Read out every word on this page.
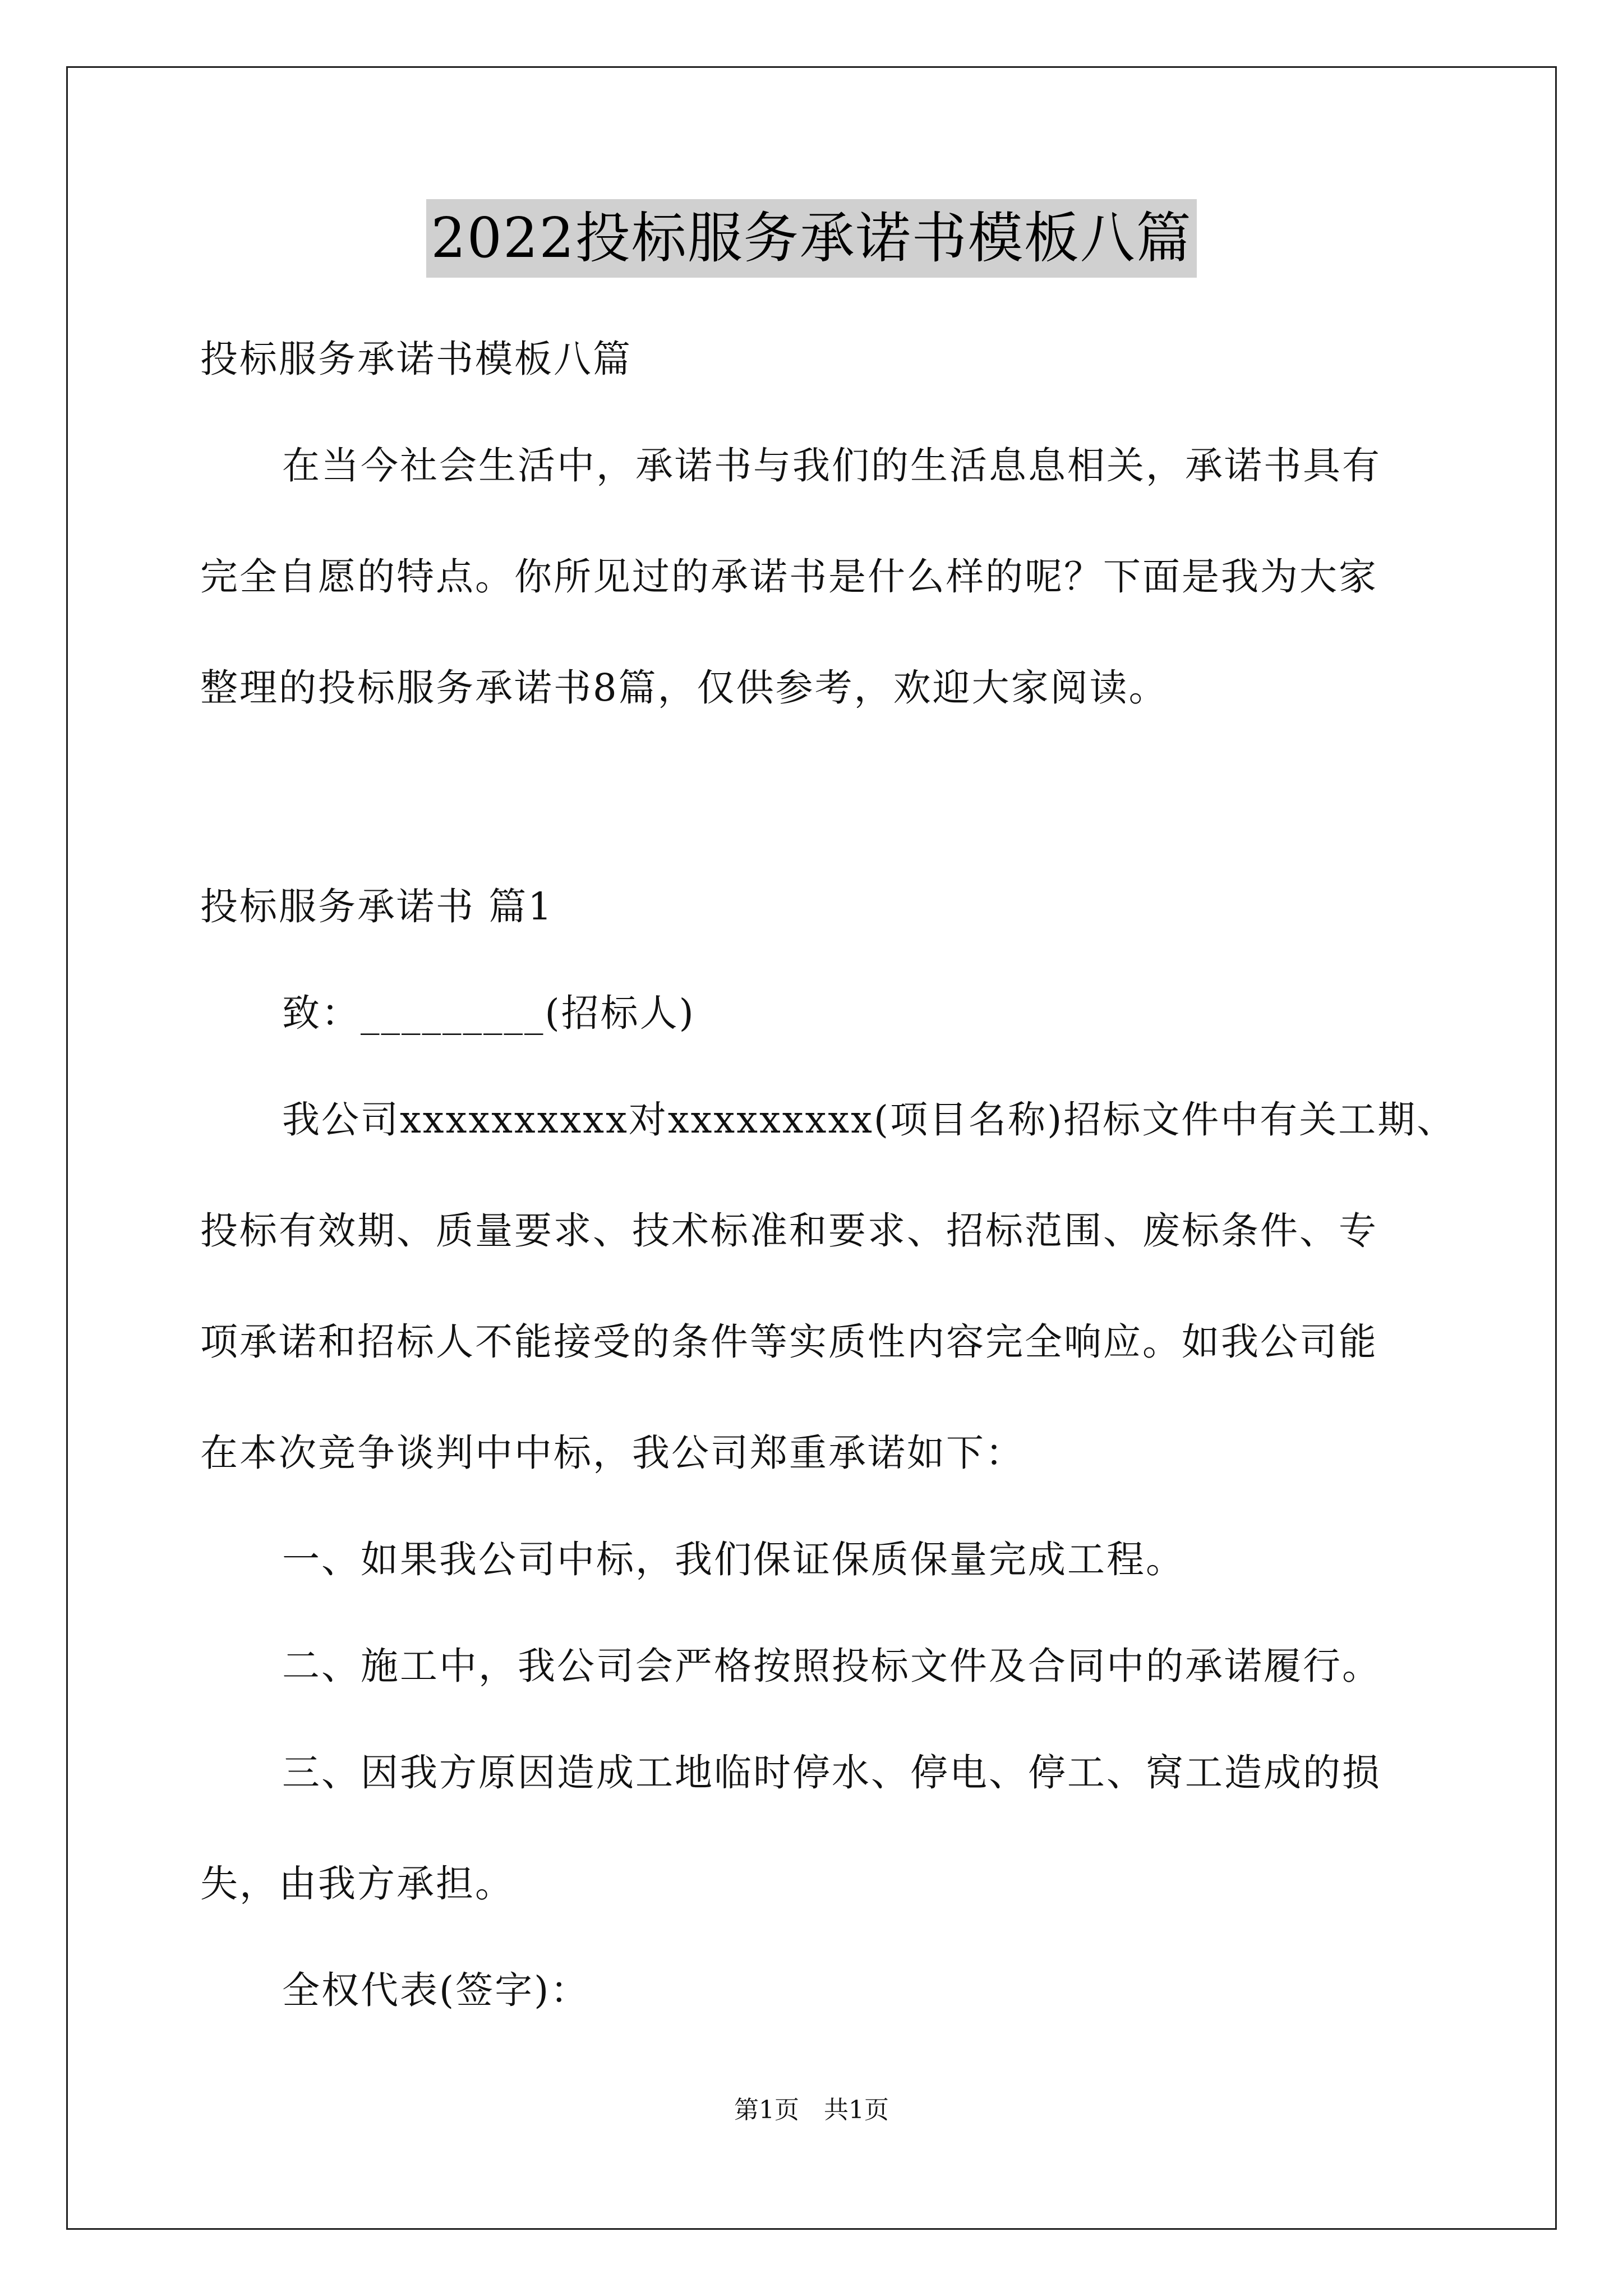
2022投标服务承诺书模板八篇

投标服务承诺书模板八篇

在当今社会生活中，承诺书与我们的生活息息相关，承诺书具有

完全自愿的特点。你所见过的承诺书是什么样的呢？下面是我为大家

整理的投标服务承诺书8篇，仅供参考，欢迎大家阅读。

投标服务承诺书 篇1

致：_________(招标人)

我公司xxxxxxxxxx对xxxxxxxxx(项目名称)招标文件中有关工期、

投标有效期、质量要求、技术标准和要求、招标范围、废标条件、专

项承诺和招标人不能接受的条件等实质性内容完全响应。如我公司能

在本次竞争谈判中中标，我公司郑重承诺如下：

一、如果我公司中标，我们保证保质保量完成工程。

二、施工中，我公司会严格按照投标文件及合同中的承诺履行。

三、因我方原因造成工地临时停水、停电、停工、窝工造成的损

失，由我方承担。

全权代表(签字)：

第1页　共1页
